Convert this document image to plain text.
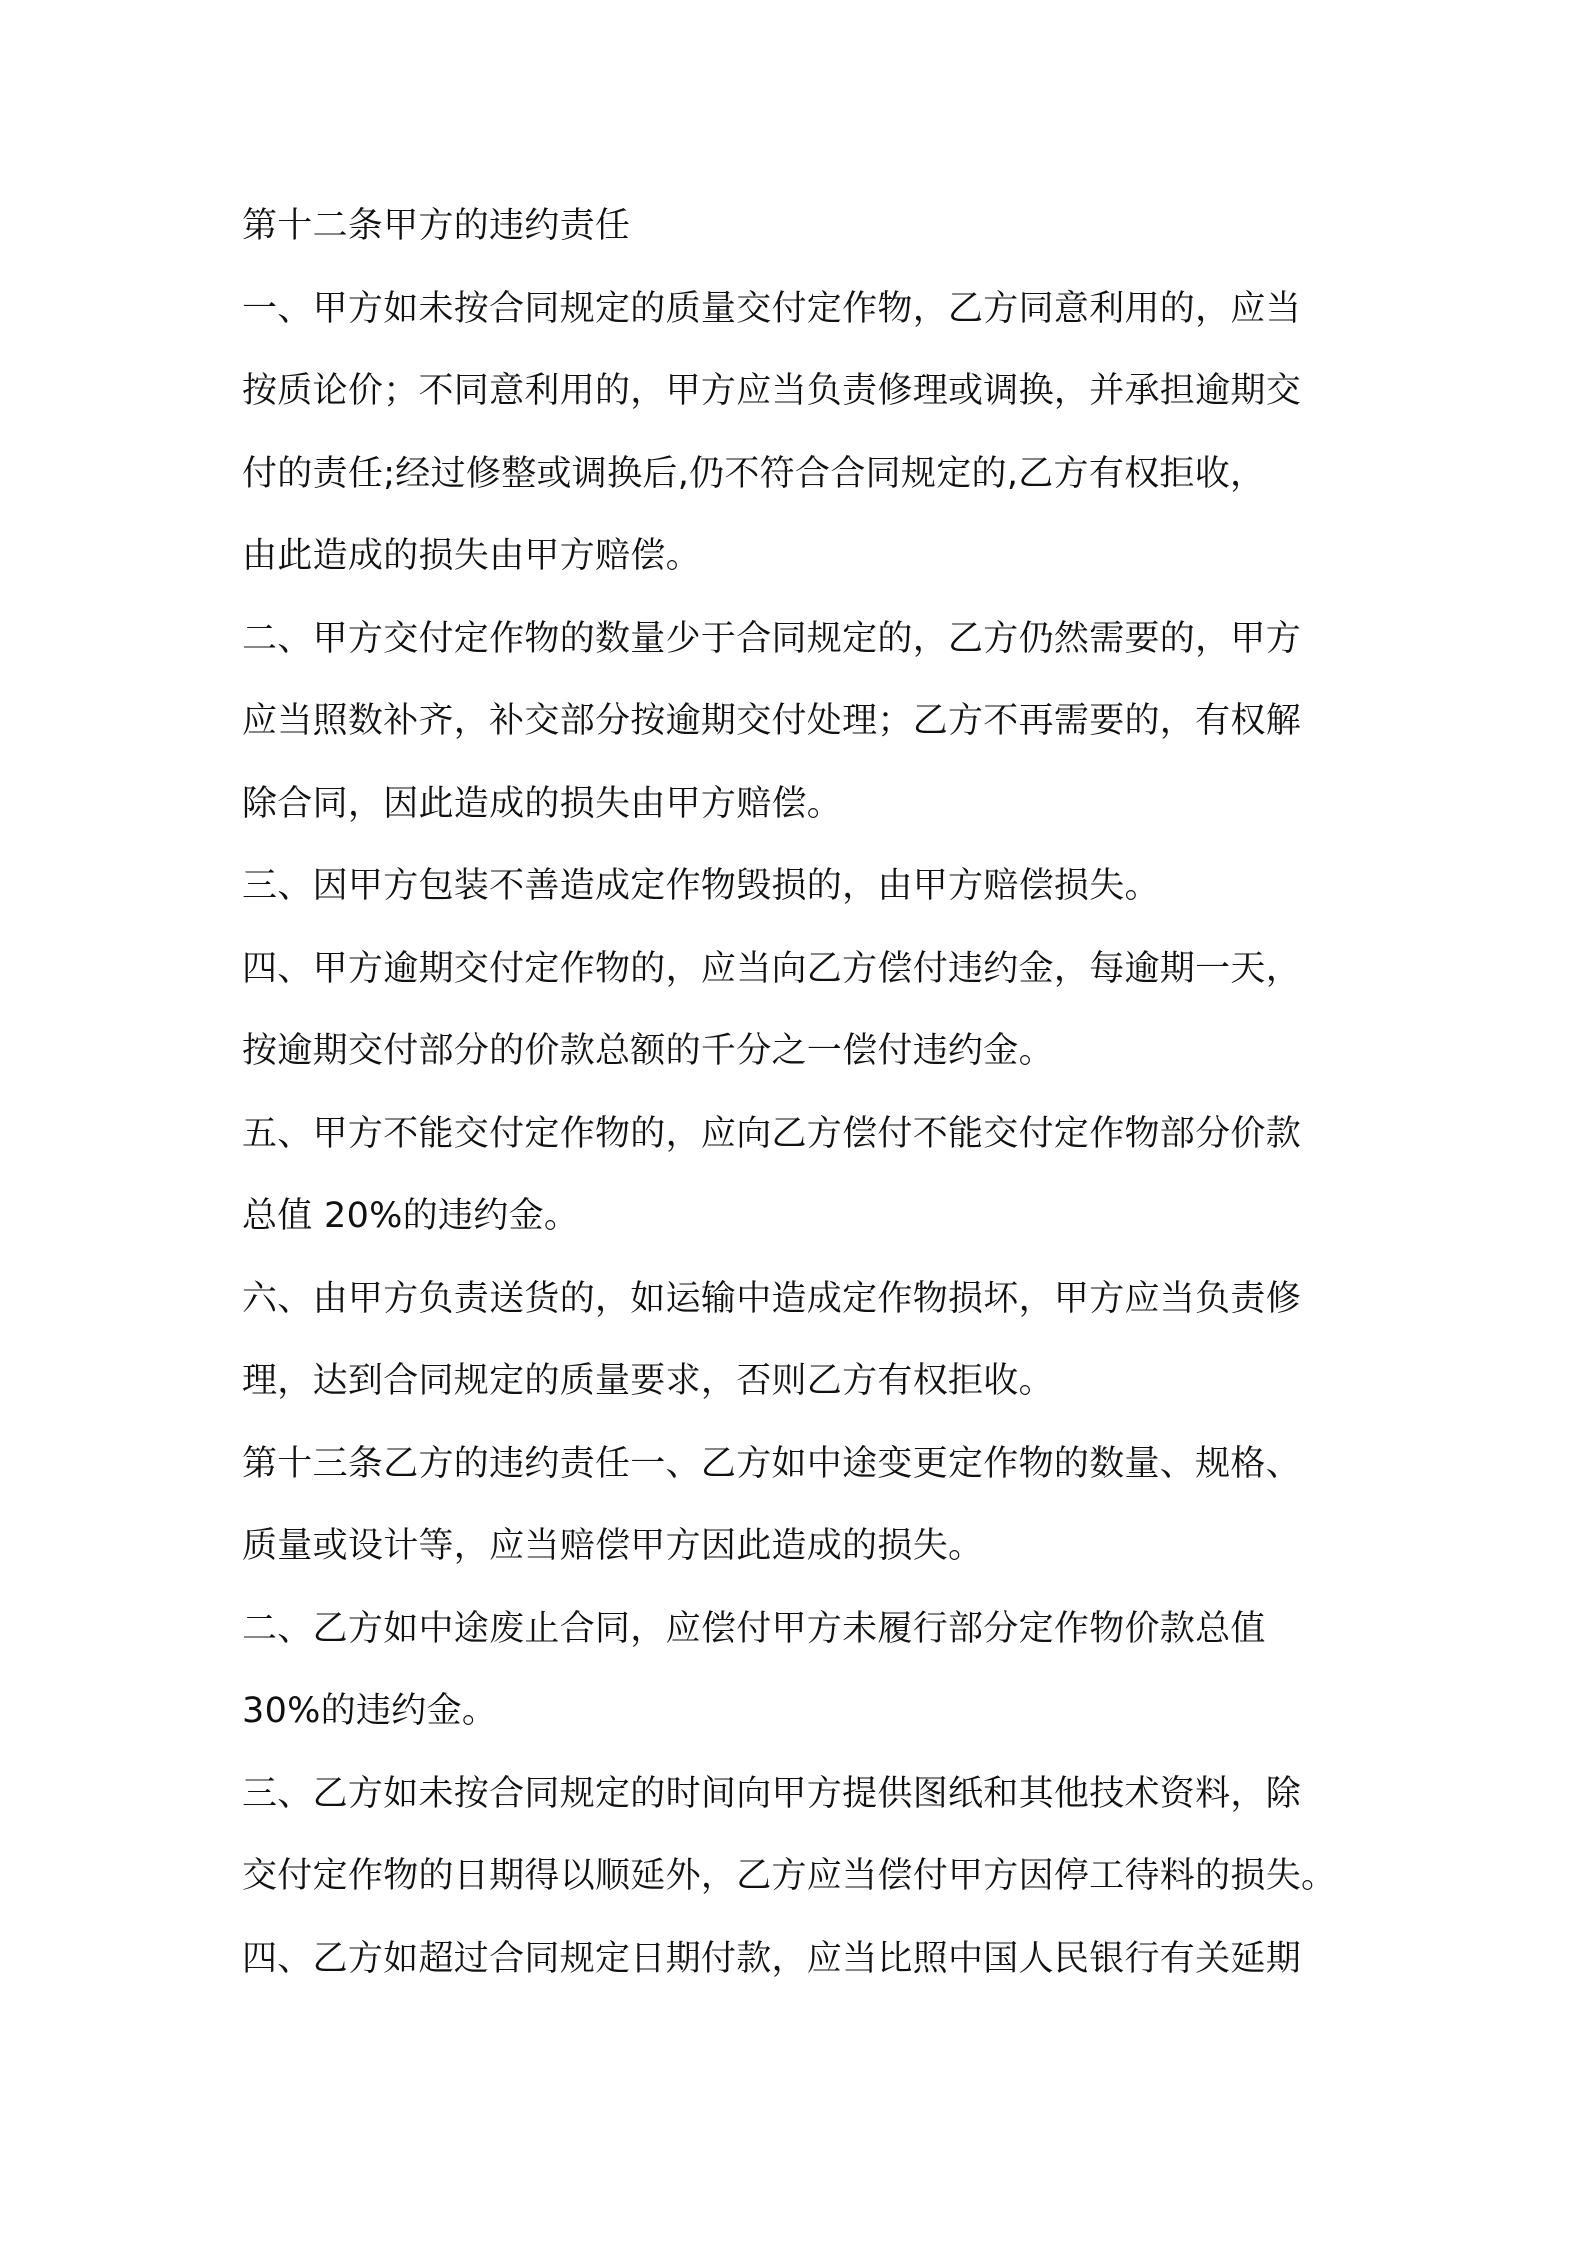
第十二条甲方的违约责任
一、甲方如未按合同规定的质量交付定作物，乙方同意利用的，应当
按质论价；不同意利用的，甲方应当负责修理或调换，并承担逾期交
付的责任;经过修整或调换后,仍不符合合同规定的,乙方有权拒收，
由此造成的损失由甲方赔偿。
二、甲方交付定作物的数量少于合同规定的，乙方仍然需要的，甲方
应当照数补齐，补交部分按逾期交付处理；乙方不再需要的，有权解
除合同，因此造成的损失由甲方赔偿。
三、因甲方包装不善造成定作物毁损的，由甲方赔偿损失。
四、甲方逾期交付定作物的，应当向乙方偿付违约金，每逾期一天，
按逾期交付部分的价款总额的千分之一偿付违约金。
五、甲方不能交付定作物的，应向乙方偿付不能交付定作物部分价款
总值 20%的违约金。
六、由甲方负责送货的，如运输中造成定作物损坏，甲方应当负责修
理，达到合同规定的质量要求，否则乙方有权拒收。
第十三条乙方的违约责任一、乙方如中途变更定作物的数量、规格、
质量或设计等，应当赔偿甲方因此造成的损失。
二、乙方如中途废止合同，应偿付甲方未履行部分定作物价款总值
30%的违约金。
三、乙方如未按合同规定的时间向甲方提供图纸和其他技术资料，除
交付定作物的日期得以顺延外，乙方应当偿付甲方因停工待料的损失。
四、乙方如超过合同规定日期付款，应当比照中国人民银行有关延期
